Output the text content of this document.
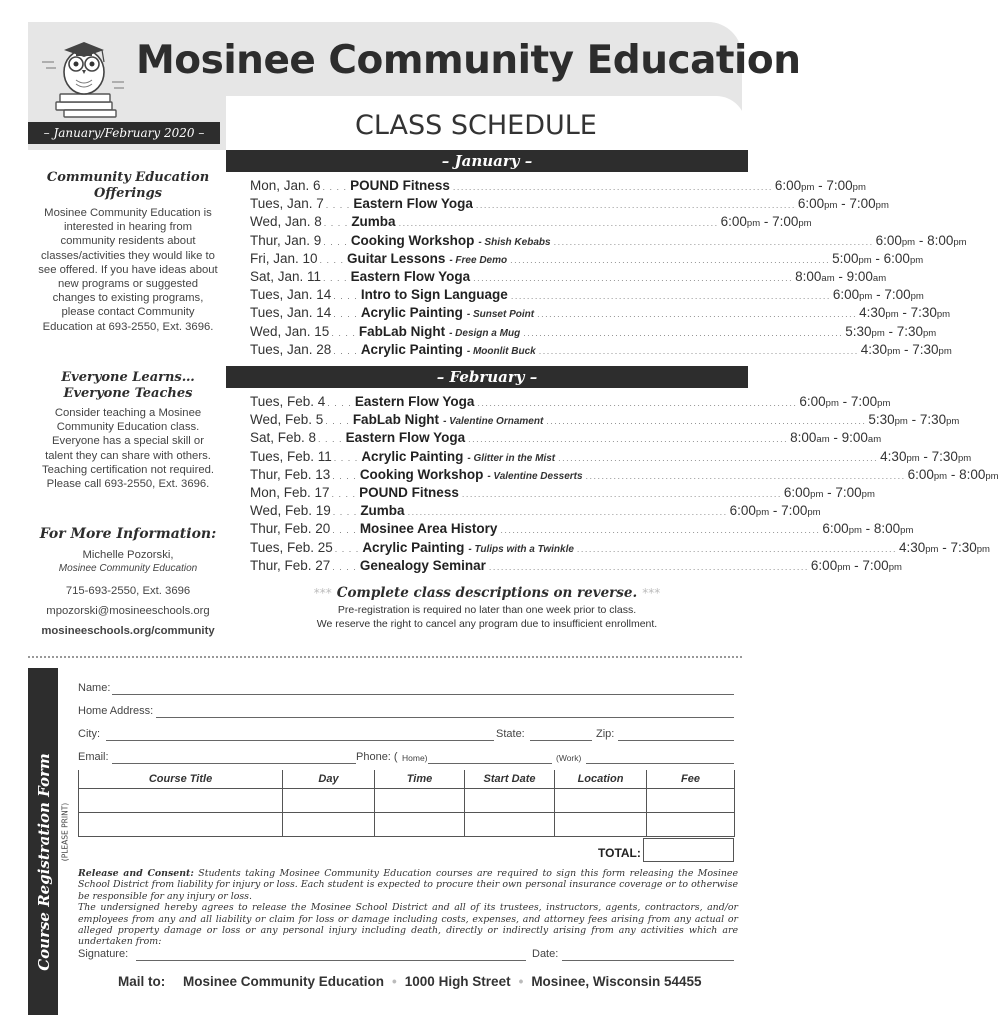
Mosinee Community Education
CLASS SCHEDULE
– January/February 2020 –
Community Education Offerings
Mosinee Community Education is interested in hearing from community residents about classes/activities they would like to see offered. If you have ideas about new programs or suggested changes to existing programs, please contact Community Education at 693-2550, Ext. 3696.
Everyone Learns… Everyone Teaches
Consider teaching a Mosinee Community Education class. Everyone has a special skill or talent they can share with others. Teaching certification not required. Please call 693-2550, Ext. 3696.
For More Information:
Michelle Pozorski,
Mosinee Community Education
715-693-2550, Ext. 3696
mpozorski@mosineeschools.org
mosineeschools.org/community
– January –
Mon, Jan. 6 . . . . POUND Fitness ................................................................................ 6:00pm - 7:00pm
Tues, Jan. 7 . . . . Eastern Flow Yoga ................................................................................ 6:00pm - 7:00pm
Wed, Jan. 8 . . . . Zumba ................................................................................ 6:00pm - 7:00pm
Thur, Jan. 9 . . . . Cooking Workshop - Shish Kebabs ................................................................................ 6:00pm - 8:00pm
Fri, Jan. 10 . . . . Guitar Lessons - Free Demo ................................................................................ 5:00pm - 6:00pm
Sat, Jan. 11 . . . . Eastern Flow Yoga ................................................................................ 8:00am - 9:00am
Tues, Jan. 14 . . . . Intro to Sign Language ................................................................................ 6:00pm - 7:00pm
Tues, Jan. 14 . . . . Acrylic Painting - Sunset Point ................................................................................ 4:30pm - 7:30pm
Wed, Jan. 15 . . . . FabLab Night - Design a Mug ................................................................................ 5:30pm - 7:30pm
Tues, Jan. 28 . . . . Acrylic Painting - Moonlit Buck ................................................................................ 4:30pm - 7:30pm
– February –
Tues, Feb. 4 . . . . Eastern Flow Yoga ................................................................................ 6:00pm - 7:00pm
Wed, Feb. 5 . . . . FabLab Night - Valentine Ornament ................................................................................ 5:30pm - 7:30pm
Sat, Feb. 8 . . . . Eastern Flow Yoga ................................................................................ 8:00am - 9:00am
Tues, Feb. 11 . . . . Acrylic Painting - Glitter in the Mist ................................................................................ 4:30pm - 7:30pm
Thur, Feb. 13 . . . . Cooking Workshop - Valentine Desserts ................................................................................ 6:00pm - 8:00pm
Mon, Feb. 17 . . . . POUND Fitness ................................................................................ 6:00pm - 7:00pm
Wed, Feb. 19 . . . . Zumba ................................................................................ 6:00pm - 7:00pm
Thur, Feb. 20 . . . . Mosinee Area History ................................................................................ 6:00pm - 8:00pm
Tues, Feb. 25 . . . . Acrylic Painting - Tulips with a Twinkle ................................................................................ 4:30pm - 7:30pm
Thur, Feb. 27 . . . . Genealogy Seminar ................................................................................ 6:00pm - 7:00pm
*** Complete class descriptions on reverse. ***
Pre-registration is required no later than one week prior to class.
We reserve the right to cancel any program due to insufficient enrollment.
Course Registration Form (PLEASE PRINT)
Name:
Home Address:
City:	State:	Zip:
Email:	Phone: ( Home)	(Work)
Course Title	Day	Time	Start Date	Location	Fee

TOTAL:

Release and Consent: Students taking Mosinee Community Education courses are required to sign this form releasing the Mosinee School District from liability for injury or loss. Each student is expected to procure their own personal insurance coverage or to otherwise be responsible for any injury or loss.

The undersigned hereby agrees to release the Mosinee School District and all of its trustees, instructors, agents, contractors, and/or employees from any and all liability or claim for loss or damage including costs, expenses, and attorney fees arising from any actual or alleged property damage or loss or any personal injury including death, directly or indirectly arising from any activities which are undertaken from:

Signature:	Date:
Mail to: Mosinee Community Education • 1000 High Street • Mosinee, Wisconsin 54455
